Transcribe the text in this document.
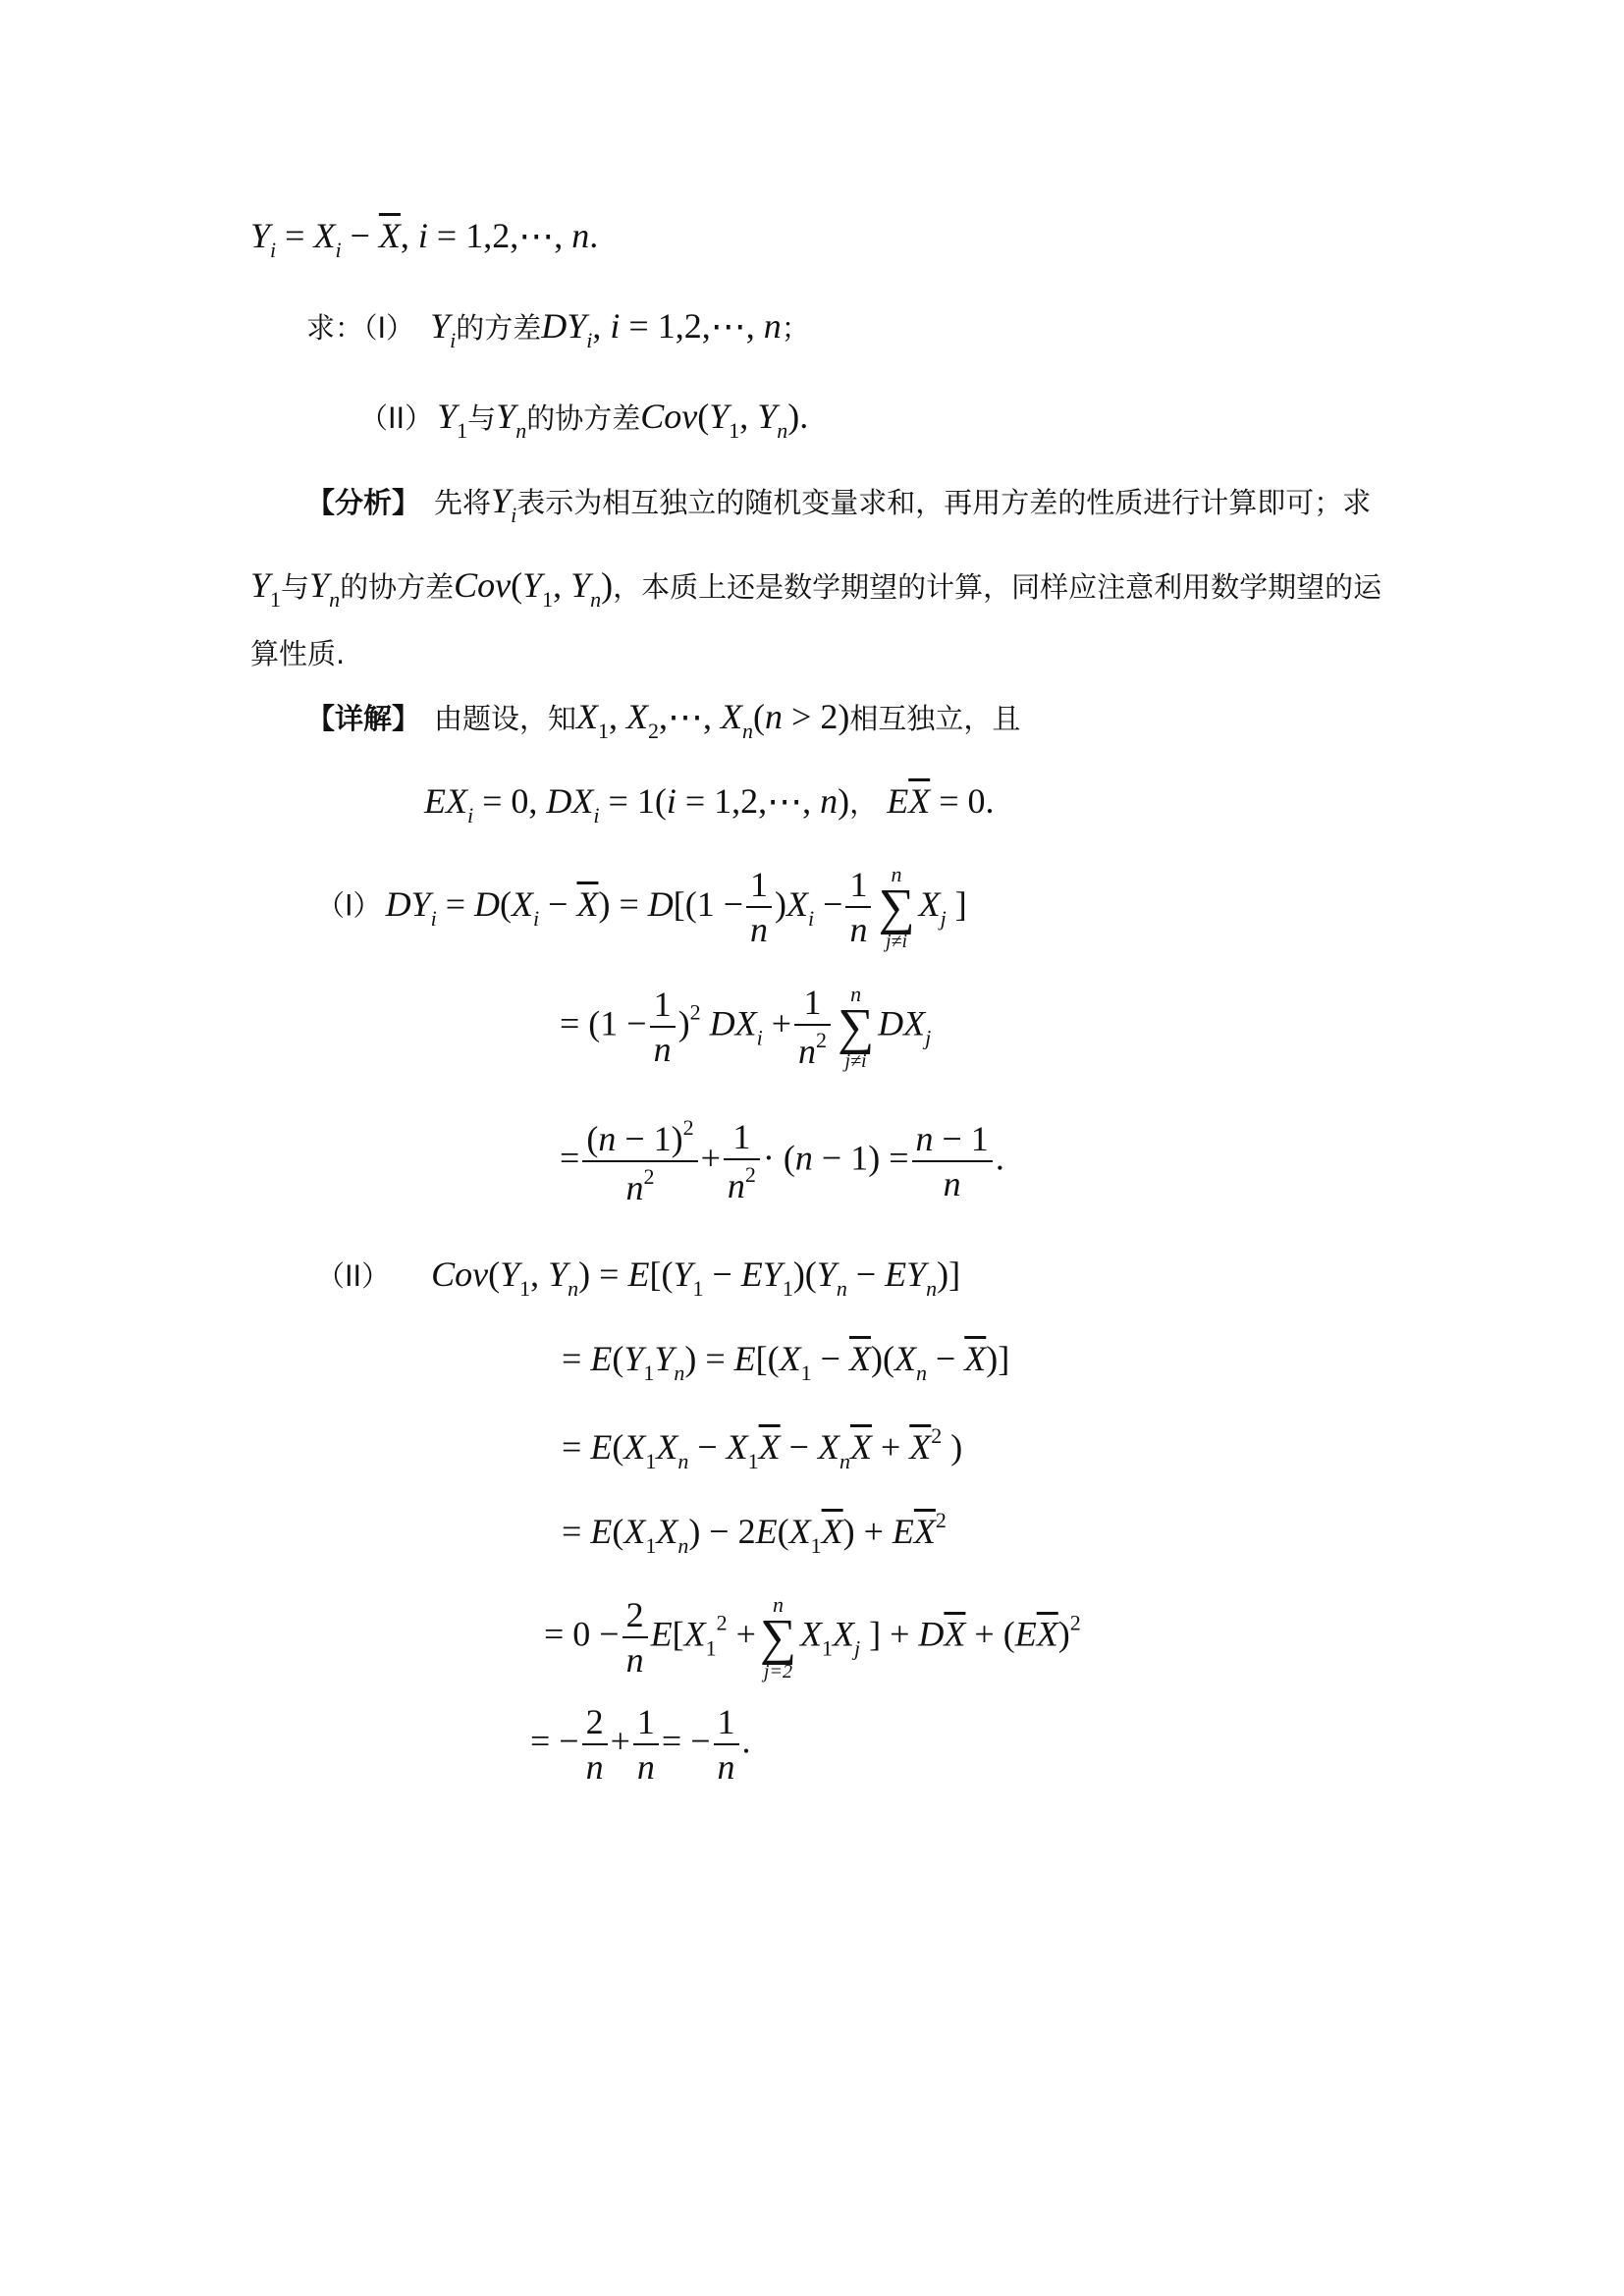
$Y_i = X_i - \overline{X}$, i = 1,2,⋯, n.
求：（I） $Y_i$的方差$DY_i$, i = 1,2,⋯, n；
（II） $Y_1$与$Y_n$的协方差$Cov(Y_1$, $Y_n$).
【分析】 先将$Y_i$表示为相互独立的随机变量求和，再用方差的性质进行计算即可；求
$Y_1$与$Y_n$的协方差$Cov(Y_1$, $Y_n$)，本质上还是数学期望的计算，同样应注意利用数学期望的运
算性质.
【详解】 由题设，知$X_1$, $X_2,\cdots$, $X_n(n > 2)$相互独立，且
$EX_i = 0$, $DX_i = 1(i$ = 1,2,⋯, n)， $E\overline{X} = 0$.
（I） $DY_i = D(X_i - \overline{X}) = D[(1 - \frac{1}{n} )X_i - \frac{1}{n}$ n
∑
j≠i
$X_j$ ]
= $(1 - \frac{1}{n} )^2$ $DX_i + \frac{1}{n^2}$ n
∑
j≠i
$DX_j$
= $\frac{(n - 1)^2}{n^2} + \frac{1}{n^2} \cdot (n - 1) = \frac{n - 1}{n}$ .
（II） $Cov(Y_1$, $Y_n) = E[(Y_1 - EY_1)(Y_n - EY_n)]$
= $E(Y_1Y_n) = E[(X_1 - \overline{X})(X_n - \overline{X})]$
= $E(X_1X_n - X_1\overline{X} - X_n\overline{X} + \overline{X}^2$ )
= $E(X_1X_n) - 2E(X_1\overline{X}) + E\overline{X}^2$
= $0 - \frac{2}{n} E[X_1^2$ +
n
∑
j=2
$X_1X_j$ ] + $D\overline{X} + (E\overline{X})^2$
= − $\frac{2}{n} + \frac{1}{n}$ = − $\frac{1}{n}$ .
